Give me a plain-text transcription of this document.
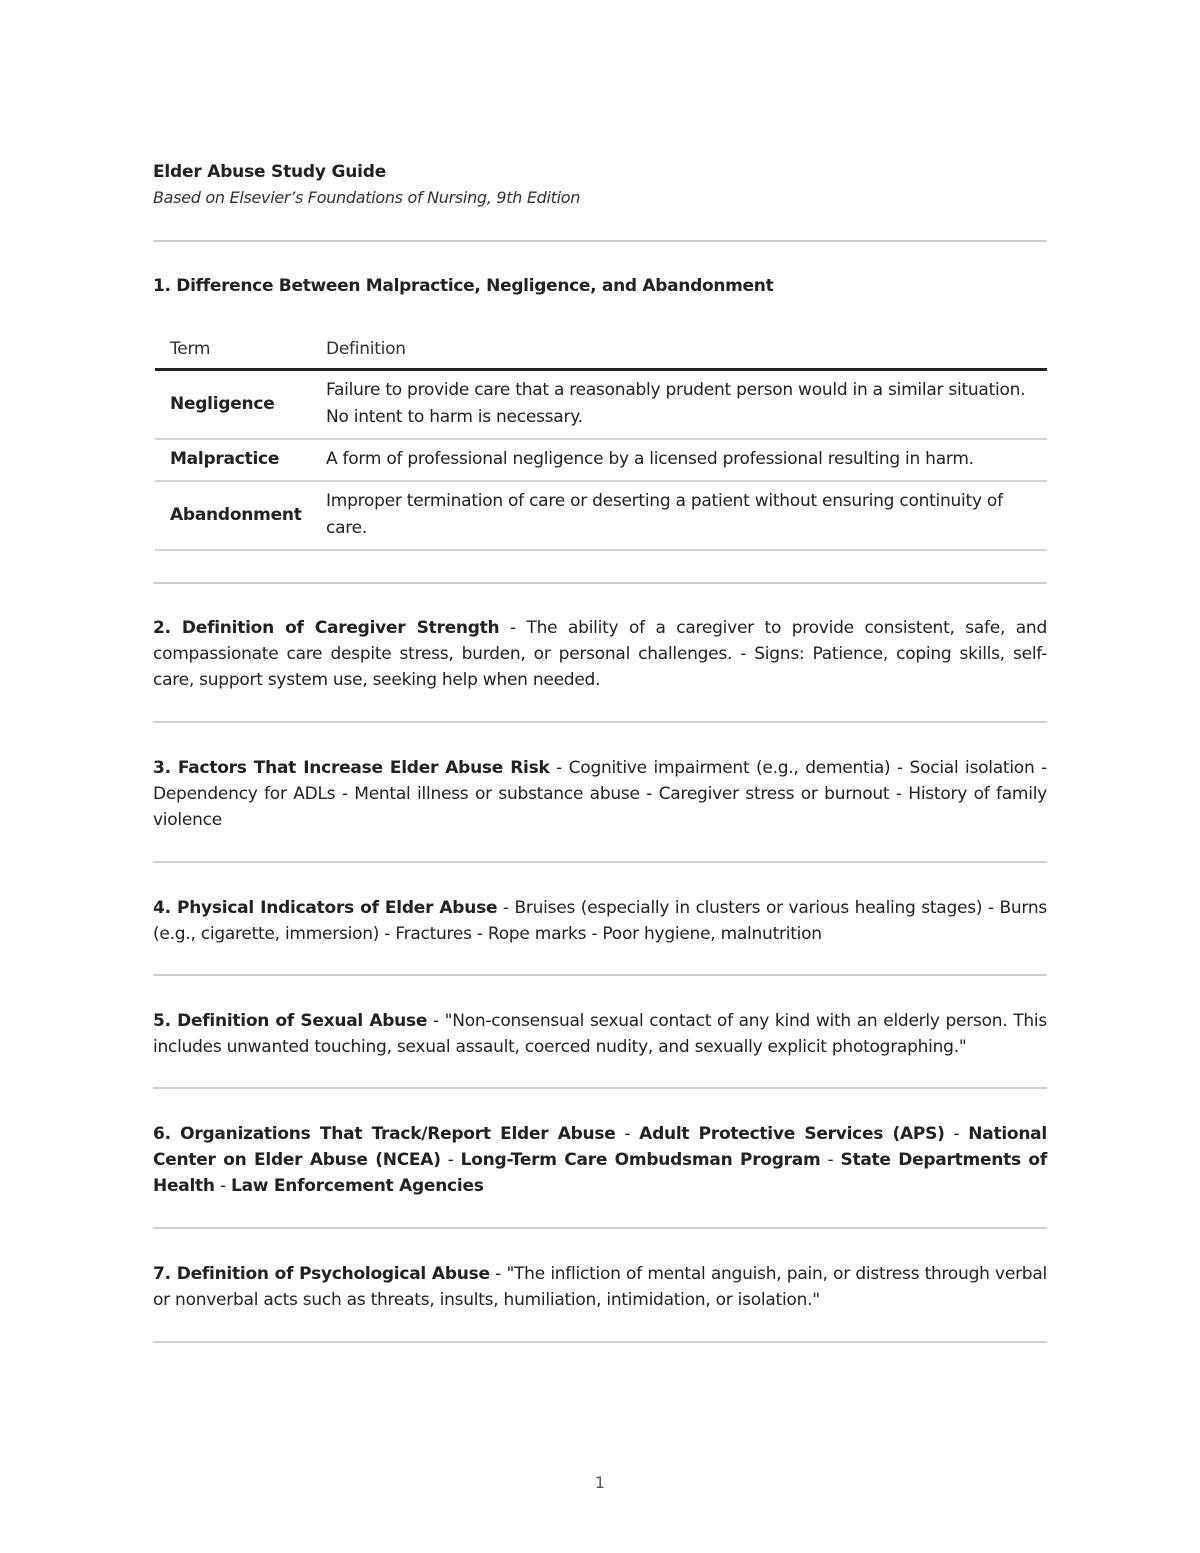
Elder Abuse Study Guide
Based on Elsevier’s Foundations of Nursing, 9th Edition
1. Difference Between Malpractice, Negligence, and Abandonment
Term	Definition
Negligence	Failure to provide care that a reasonably prudent person would in a similar situation. No intent to harm is necessary.
Malpractice	A form of professional negligence by a licensed professional resulting in harm.
Abandonment	Improper termination of care or deserting a patient without ensuring continuity of care.
2. Definition of Caregiver Strength - The ability of a caregiver to provide consistent, safe, and compassionate care despite stress, burden, or personal challenges. - Signs: Patience, coping skills, self-care, support system use, seeking help when needed.
3. Factors That Increase Elder Abuse Risk - Cognitive impairment (e.g., dementia) - Social isolation - Dependency for ADLs - Mental illness or substance abuse - Caregiver stress or burnout - History of family violence
4. Physical Indicators of Elder Abuse - Bruises (especially in clusters or various healing stages) - Burns (e.g., cigarette, immersion) - Fractures - Rope marks - Poor hygiene, malnutrition
5. Definition of Sexual Abuse - "Non-consensual sexual contact of any kind with an elderly person. This includes unwanted touching, sexual assault, coerced nudity, and sexually explicit photographing."
6. Organizations That Track/Report Elder Abuse - Adult Protective Services (APS) - National Center on Elder Abuse (NCEA) - Long-Term Care Ombudsman Program - State Departments of Health - Law Enforcement Agencies
7. Definition of Psychological Abuse - "The infliction of mental anguish, pain, or distress through verbal or nonverbal acts such as threats, insults, humiliation, intimidation, or isolation."
1
